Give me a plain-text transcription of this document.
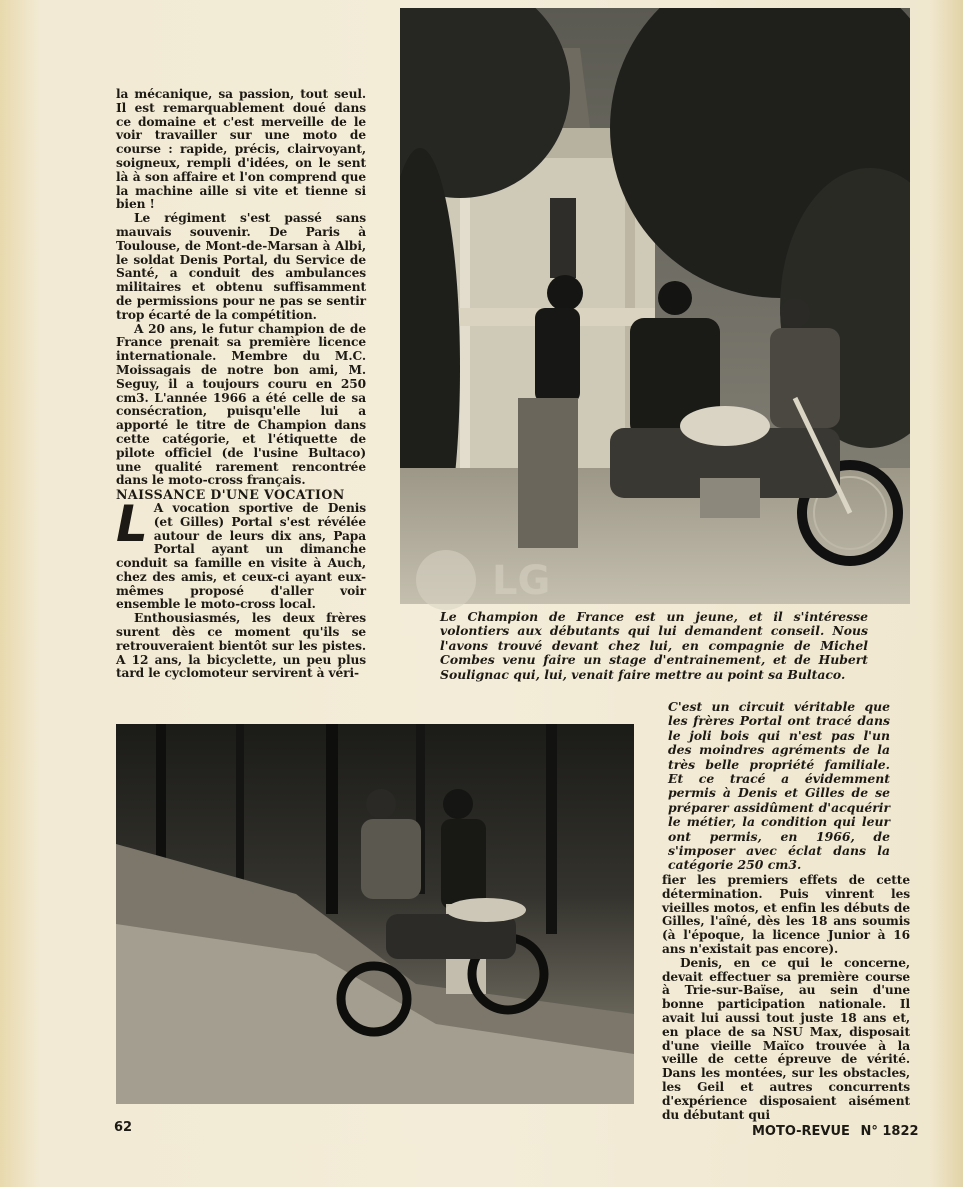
la mécanique, sa passion, tout seul. Il est remarquablement doué dans ce domaine et c'est merveille de le voir travailler sur une moto de course : rapide, précis, clairvoyant, soigneux, rempli d'idées, on le sent là à son affaire et l'on comprend que la machine aille si vite et tienne si bien !

Le régiment s'est passé sans mauvais souvenir. De Paris à Toulouse, de Mont-de-Marsan à Albi, le soldat Denis Portal, du Service de Santé, a conduit des ambulances militaires et obtenu suffisamment de permissions pour ne pas se sentir trop écarté de la compétition.

A 20 ans, le futur champion de de France prenait sa première licence internationale. Membre du M.C. Moissagais de notre bon ami, M. Seguy, il a toujours couru en 250 cm3. L'année 1966 a été celle de sa consécration, puisqu'elle lui a apporté le titre de Champion dans cette catégorie, et l'étiquette de pilote officiel (de l'usine Bultaco) une qualité rarement rencontrée dans le moto-cross français.

NAISSANCE D'UNE VOCATION

L A vocation sportive de Denis (et Gilles) Portal s'est révélée autour de leurs dix ans, Papa Portal ayant un dimanche conduit sa famille en visite à Auch, chez des amis, et ceux-ci ayant eux-mêmes proposé d'aller voir ensemble le moto-cross local.

Enthousiasmés, les deux frères surent dès ce moment qu'ils se retrouveraient bientôt sur les pistes. A 12 ans, la bicyclette, un peu plus tard le cyclomoteur servirent à véri-

LG

Le Champion de France est un jeune, et il s'intéresse volontiers aux débutants qui lui demandent conseil. Nous l'avons trouvé devant chez lui, en compagnie de Michel Combes venu faire un stage d'entrainement, et de Hubert Soulignac qui, lui, venait faire mettre au point sa Bultaco.

C'est un circuit véritable que les frères Portal ont tracé dans le joli bois qui n'est pas l'un des moindres agréments de la très belle propriété familiale. Et ce tracé a évidemment permis à Denis et Gilles de se préparer assidûment d'acquérir le métier, la condition qui leur ont permis, en 1966, de s'imposer avec éclat dans la catégorie 250 cm3.

fier les premiers effets de cette détermination. Puis vinrent les vieilles motos, et enfin les débuts de Gilles, l'aîné, dès les 18 ans soumis (à l'époque, la licence Junior à 16 ans n'existait pas encore).

Denis, en ce qui le concerne, devait effectuer sa première course à Trie-sur-Baïse, au sein d'une bonne participation nationale. Il avait lui aussi tout juste 18 ans et, en place de sa NSU Max, disposait d'une vieille Maïco trouvée à la veille de cette épreuve de vérité. Dans les montées, sur les obstacles, les Geil et autres concurrents d'expérience disposaient aisément du débutant qui

62	MOTO-REVUE N° 1822
